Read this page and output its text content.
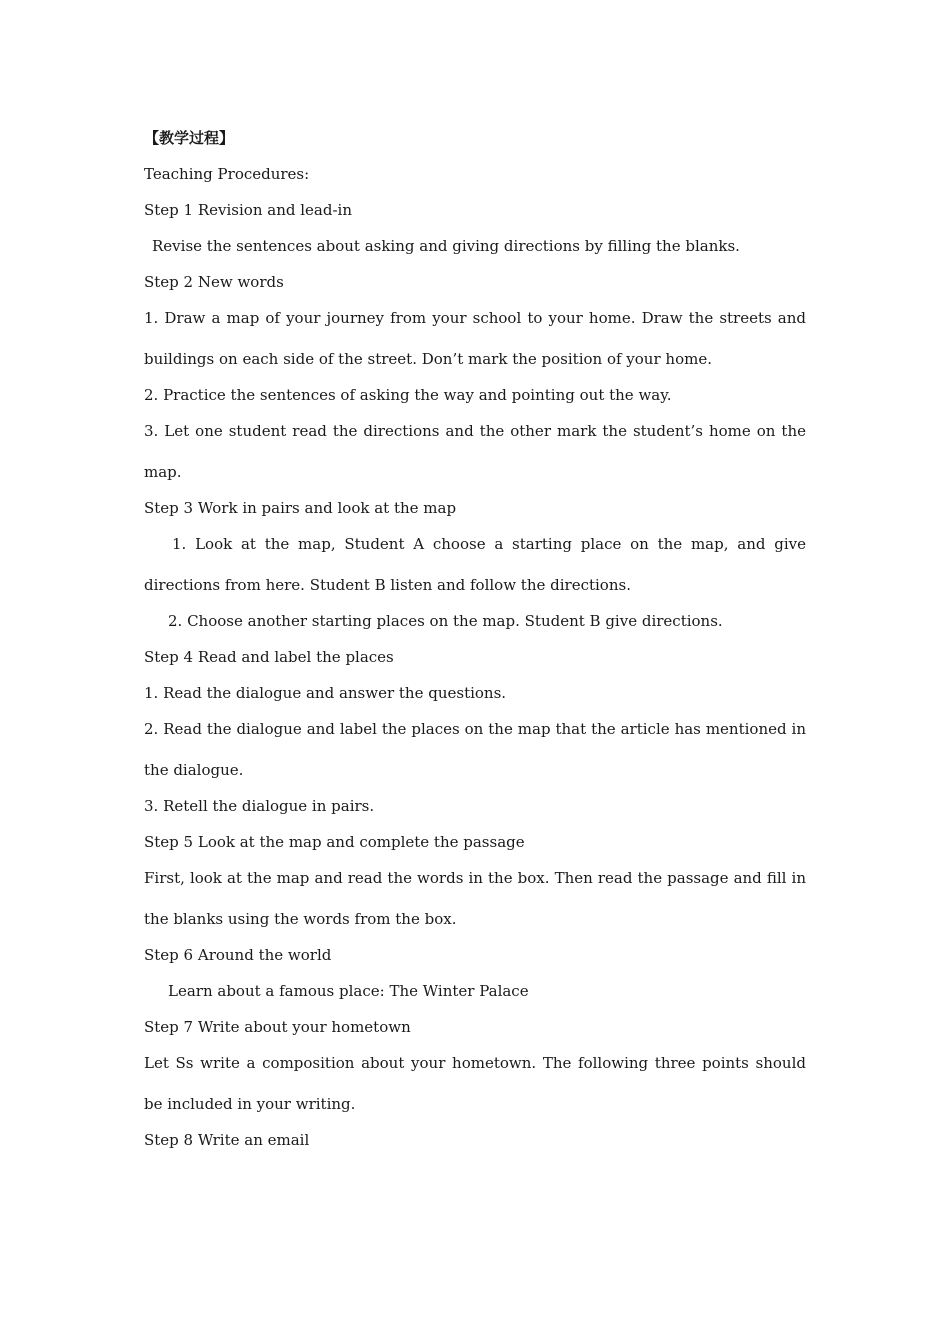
【教学过程】
Teaching Procedures:
Step 1 Revision and lead-in
Revise the sentences about asking and giving directions by filling the blanks.
Step 2 New words
1. Draw a map of your journey from your school to your home. Draw the streets and buildings on each side of the street. Don’t mark the position of your home.
2. Practice the sentences of asking the way and pointing out the way.
3. Let one student read the directions and the other mark the student’s home on the map.
Step 3 Work in pairs and look at the map
1. Look at the map, Student A choose a starting place on the map, and give directions from here. Student B listen and follow the directions.
2. Choose another starting places on the map. Student B give directions.
Step 4 Read and label the places
1. Read the dialogue and answer the questions.
2. Read the dialogue and label the places on the map that the article has mentioned in the dialogue.
3. Retell the dialogue in pairs.
Step 5 Look at the map and complete the passage
First, look at the map and read the words in the box. Then read the passage and fill in the blanks using the words from the box.
Step 6 Around the world
Learn about a famous place: The Winter Palace
Step 7 Write about your hometown
Let Ss write a composition about your hometown. The following three points should be included in your writing.
Step 8 Write an email
